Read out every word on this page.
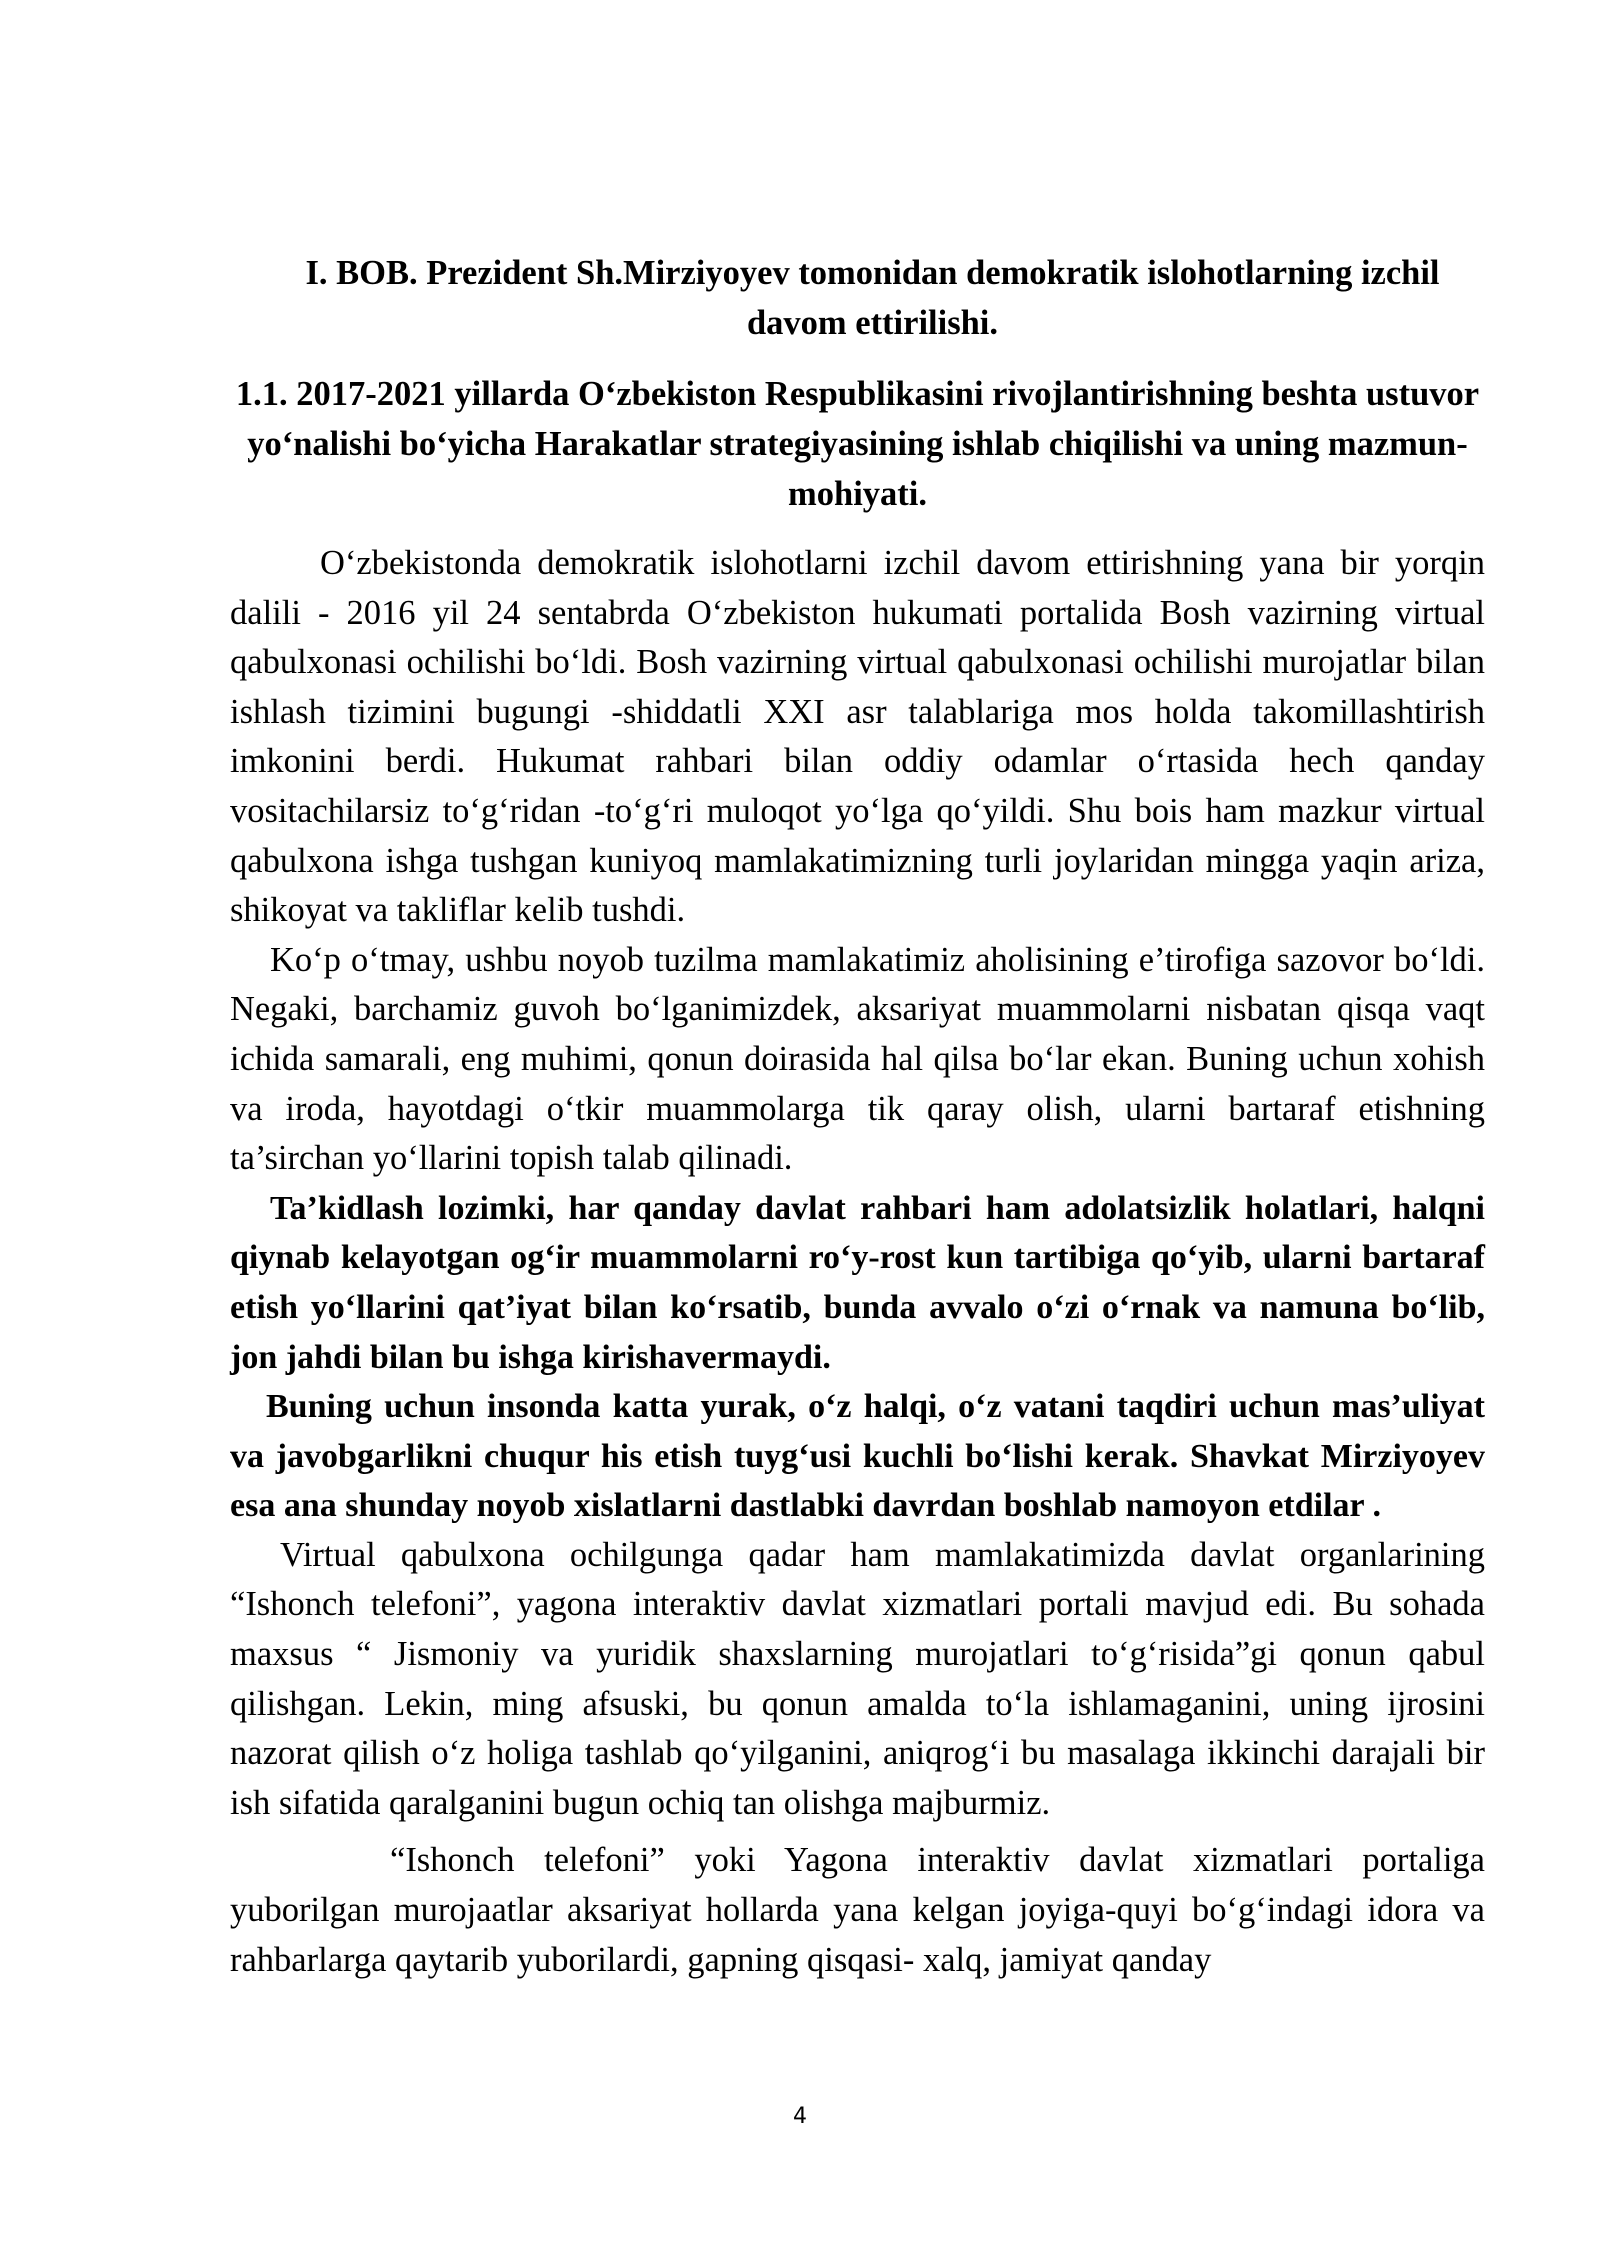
I. BOB. Prezident Sh.Mirziyoyev tomonidan demokratik islohotlarning izchil davom ettirilishi.
1.1. 2017-2021 yillarda O‘zbekiston Respublikasini rivojlantirishning beshta ustuvor yo‘nalishi bo‘yicha Harakatlar strategiyasining ishlab chiqilishi va uning mazmun-mohiyati.

O‘zbekistonda demokratik islohotlarni izchil davom ettirishning yana bir yorqin dalili - 2016 yil 24 sentabrda O‘zbekiston hukumati portalida Bosh vazirning virtual qabulxonasi ochilishi bo‘ldi. Bosh vazirning virtual qabulxonasi ochilishi murojatlar bilan ishlash tizimini bugungi -shiddatli XXI asr talablariga mos holda takomillashtirish imkonini berdi. Hukumat rahbari bilan oddiy odamlar o‘rtasida hech qanday vositachilarsiz to‘g‘ridan -to‘g‘ri muloqot yo‘lga qo‘yildi. Shu bois ham mazkur virtual qabulxona ishga tushgan kuniyoq mamlakatimizning turli joylaridan mingga yaqin ariza, shikoyat va takliflar kelib tushdi.

Ko‘p o‘tmay, ushbu noyob tuzilma mamlakatimiz aholisining e’tirofiga sazovor bo‘ldi. Negaki, barchamiz guvoh bo‘lganimizdek, aksariyat muammolarni nisbatan qisqa vaqt ichida samarali, eng muhimi, qonun doirasida hal qilsa bo‘lar ekan. Buning uchun xohish va iroda, hayotdagi o‘tkir muammolarga tik qaray olish, ularni bartaraf etishning ta’sirchan yo‘llarini topish talab qilinadi.

Ta’kidlash lozimki, har qanday davlat rahbari ham adolatsizlik holatlari, halqni qiynab kelayotgan og‘ir muammolarni ro‘y-rost kun tartibiga qo‘yib, ularni bartaraf etish yo‘llarini qat’iyat bilan ko‘rsatib, bunda avvalo o‘zi o‘rnak va namuna bo‘lib, jon jahdi bilan bu ishga kirishavermaydi.

Buning uchun insonda katta yurak, o‘z halqi, o‘z vatani taqdiri uchun mas’uliyat va javobgarlikni chuqur his etish tuyg‘usi kuchli bo‘lishi kerak. Shavkat Mirziyoyev esa ana shunday noyob xislatlarni dastlabki davrdan boshlab namoyon etdilar .

Virtual qabulxona ochilgunga qadar ham mamlakatimizda davlat organlarining “Ishonch telefoni”, yagona interaktiv davlat xizmatlari portali mavjud edi. Bu sohada maxsus “ Jismoniy va yuridik shaxslarning murojatlari to‘g‘risida”gi qonun qabul qilishgan. Lekin, ming afsuski, bu qonun amalda to‘la ishlamaganini, uning ijrosini nazorat qilish o‘z holiga tashlab qo‘yilganini, aniqrog‘i bu masalaga ikkinchi darajali bir ish sifatida qaralganini bugun ochiq tan olishga majburmiz.

“Ishonch telefoni” yoki Yagona interaktiv davlat xizmatlari portaliga yuborilgan murojaatlar aksariyat hollarda yana kelgan joyiga-quyi bo‘g‘indagi idora va rahbarlarga qaytarib yuborilardi, gapning qisqasi- xalq, jamiyat qanday

4
